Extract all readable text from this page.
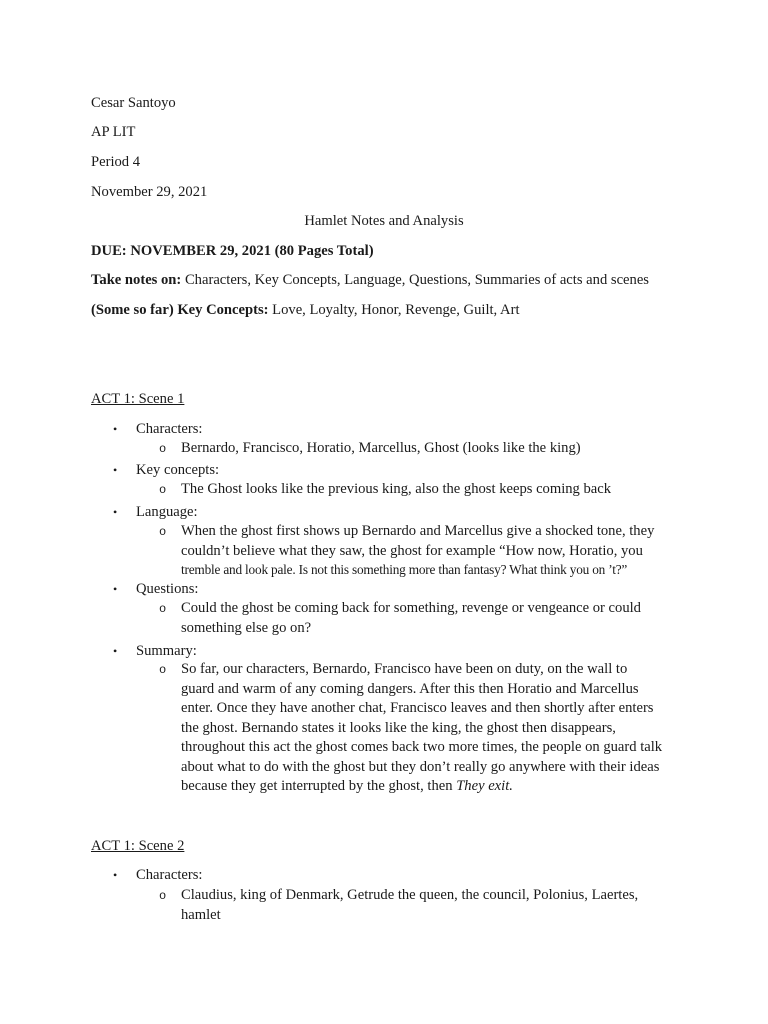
Cesar Santoyo
AP LIT
Period 4
November 29, 2021
Hamlet Notes and Analysis
DUE: NOVEMBER 29, 2021 (80 Pages Total)
Take notes on: Characters, Key Concepts, Language, Questions, Summaries of acts and scenes
(Some so far) Key Concepts: Love, Loyalty, Honor, Revenge, Guilt, Art
ACT 1: Scene 1
• Characters:
o Bernardo, Francisco, Horatio, Marcellus, Ghost (looks like the king)
• Key concepts:
o The Ghost looks like the previous king, also the ghost keeps coming back
• Language:
o When the ghost first shows up Bernardo and Marcellus give a shocked tone, they
couldn’t believe what they saw, the ghost for example “How now, Horatio, you
tremble and look pale. Is not this something more than fantasy? What think you on ’t?”
• Questions:
o Could the ghost be coming back for something, revenge or vengeance or could
something else go on?
• Summary:
o So far, our characters, Bernardo, Francisco have been on duty, on the wall to
guard and warm of any coming dangers. After this then Horatio and Marcellus
enter. Once they have another chat, Francisco leaves and then shortly after enters
the ghost. Bernando states it looks like the king, the ghost then disappears,
throughout this act the ghost comes back two more times, the people on guard talk
about what to do with the ghost but they don’t really go anywhere with their ideas
because they get interrupted by the ghost, then They exit.
ACT 1: Scene 2
• Characters:
o Claudius, king of Denmark, Getrude the queen, the council, Polonius, Laertes,
hamlet
